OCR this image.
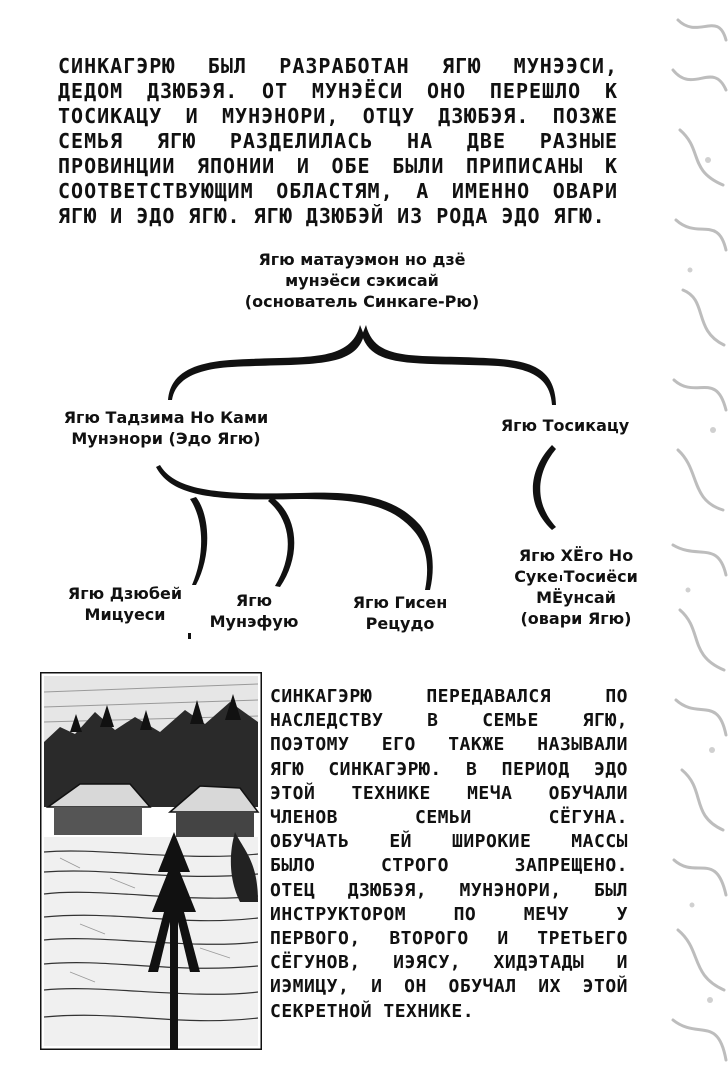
СИНКАГЭРЮ БЫЛ РАЗРАБОТАН ЯГЮ МУНЭЭСИ,
ДЕДОМ ДЗЮБЭЯ. ОТ МУНЭЁСИ ОНО ПЕРЕШЛО К
ТОСИКАЦУ И МУНЭНОРИ, ОТЦУ ДЗЮБЭЯ. ПОЗЖЕ
СЕМЬЯ ЯГЮ РАЗДЕЛИЛАСЬ НА ДВЕ РАЗНЫЕ
ПРОВИНЦИИ ЯПОНИИ И ОБЕ БЫЛИ ПРИПИСАНЫ К
СООТВЕТСТВУЮЩИМ ОБЛАСТЯМ, А ИМЕННО ОВАРИ
ЯГЮ И ЭДО ЯГЮ. ЯГЮ ДЗЮБЭЙ ИЗ РОДА ЭДО ЯГЮ.
Ягю матауэмон но дзё
мунэёси сэкисай
(основатель Синкаге-Рю)
Ягю Тадзима Но Ками
Мунэнори (Эдо Ягю)
Ягю Тосикацу
Ягю Дзюбей
Мицуеси
Ягю
Мунэфую
Ягю Гисен
Рецудо
Ягю ХЁго Но
Суке Тосиёси
МЁунсай
(овари Ягю)
СИНКАГЭРЮ ПЕРЕДАВАЛСЯ ПО
НАСЛЕДСТВУ В СЕМЬЕ ЯГЮ,
ПОЭТОМУ ЕГО ТАКЖЕ НАЗЫВАЛИ
ЯГЮ СИНКАГЭРЮ. В ПЕРИОД ЭДО
ЭТОЙ ТЕХНИКЕ МЕЧА ОБУЧАЛИ
ЧЛЕНОВ СЕМЬИ СЁГУНА.
ОБУЧАТЬ ЕЙ ШИРОКИЕ МАССЫ
БЫЛО СТРОГО ЗАПРЕЩЕНО.
ОТЕЦ ДЗЮБЭЯ, МУНЭНОРИ, БЫЛ
ИНСТРУКТОРОМ ПО МЕЧУ У
ПЕРВОГО, ВТОРОГО И ТРЕТЬЕГО
СЁГУНОВ, ИЭЯСУ, ХИДЭТАДЫ И
ИЭМИЦУ, И ОН ОБУЧАЛ ИХ ЭТОЙ
СЕКРЕТНОЙ ТЕХНИКЕ.
